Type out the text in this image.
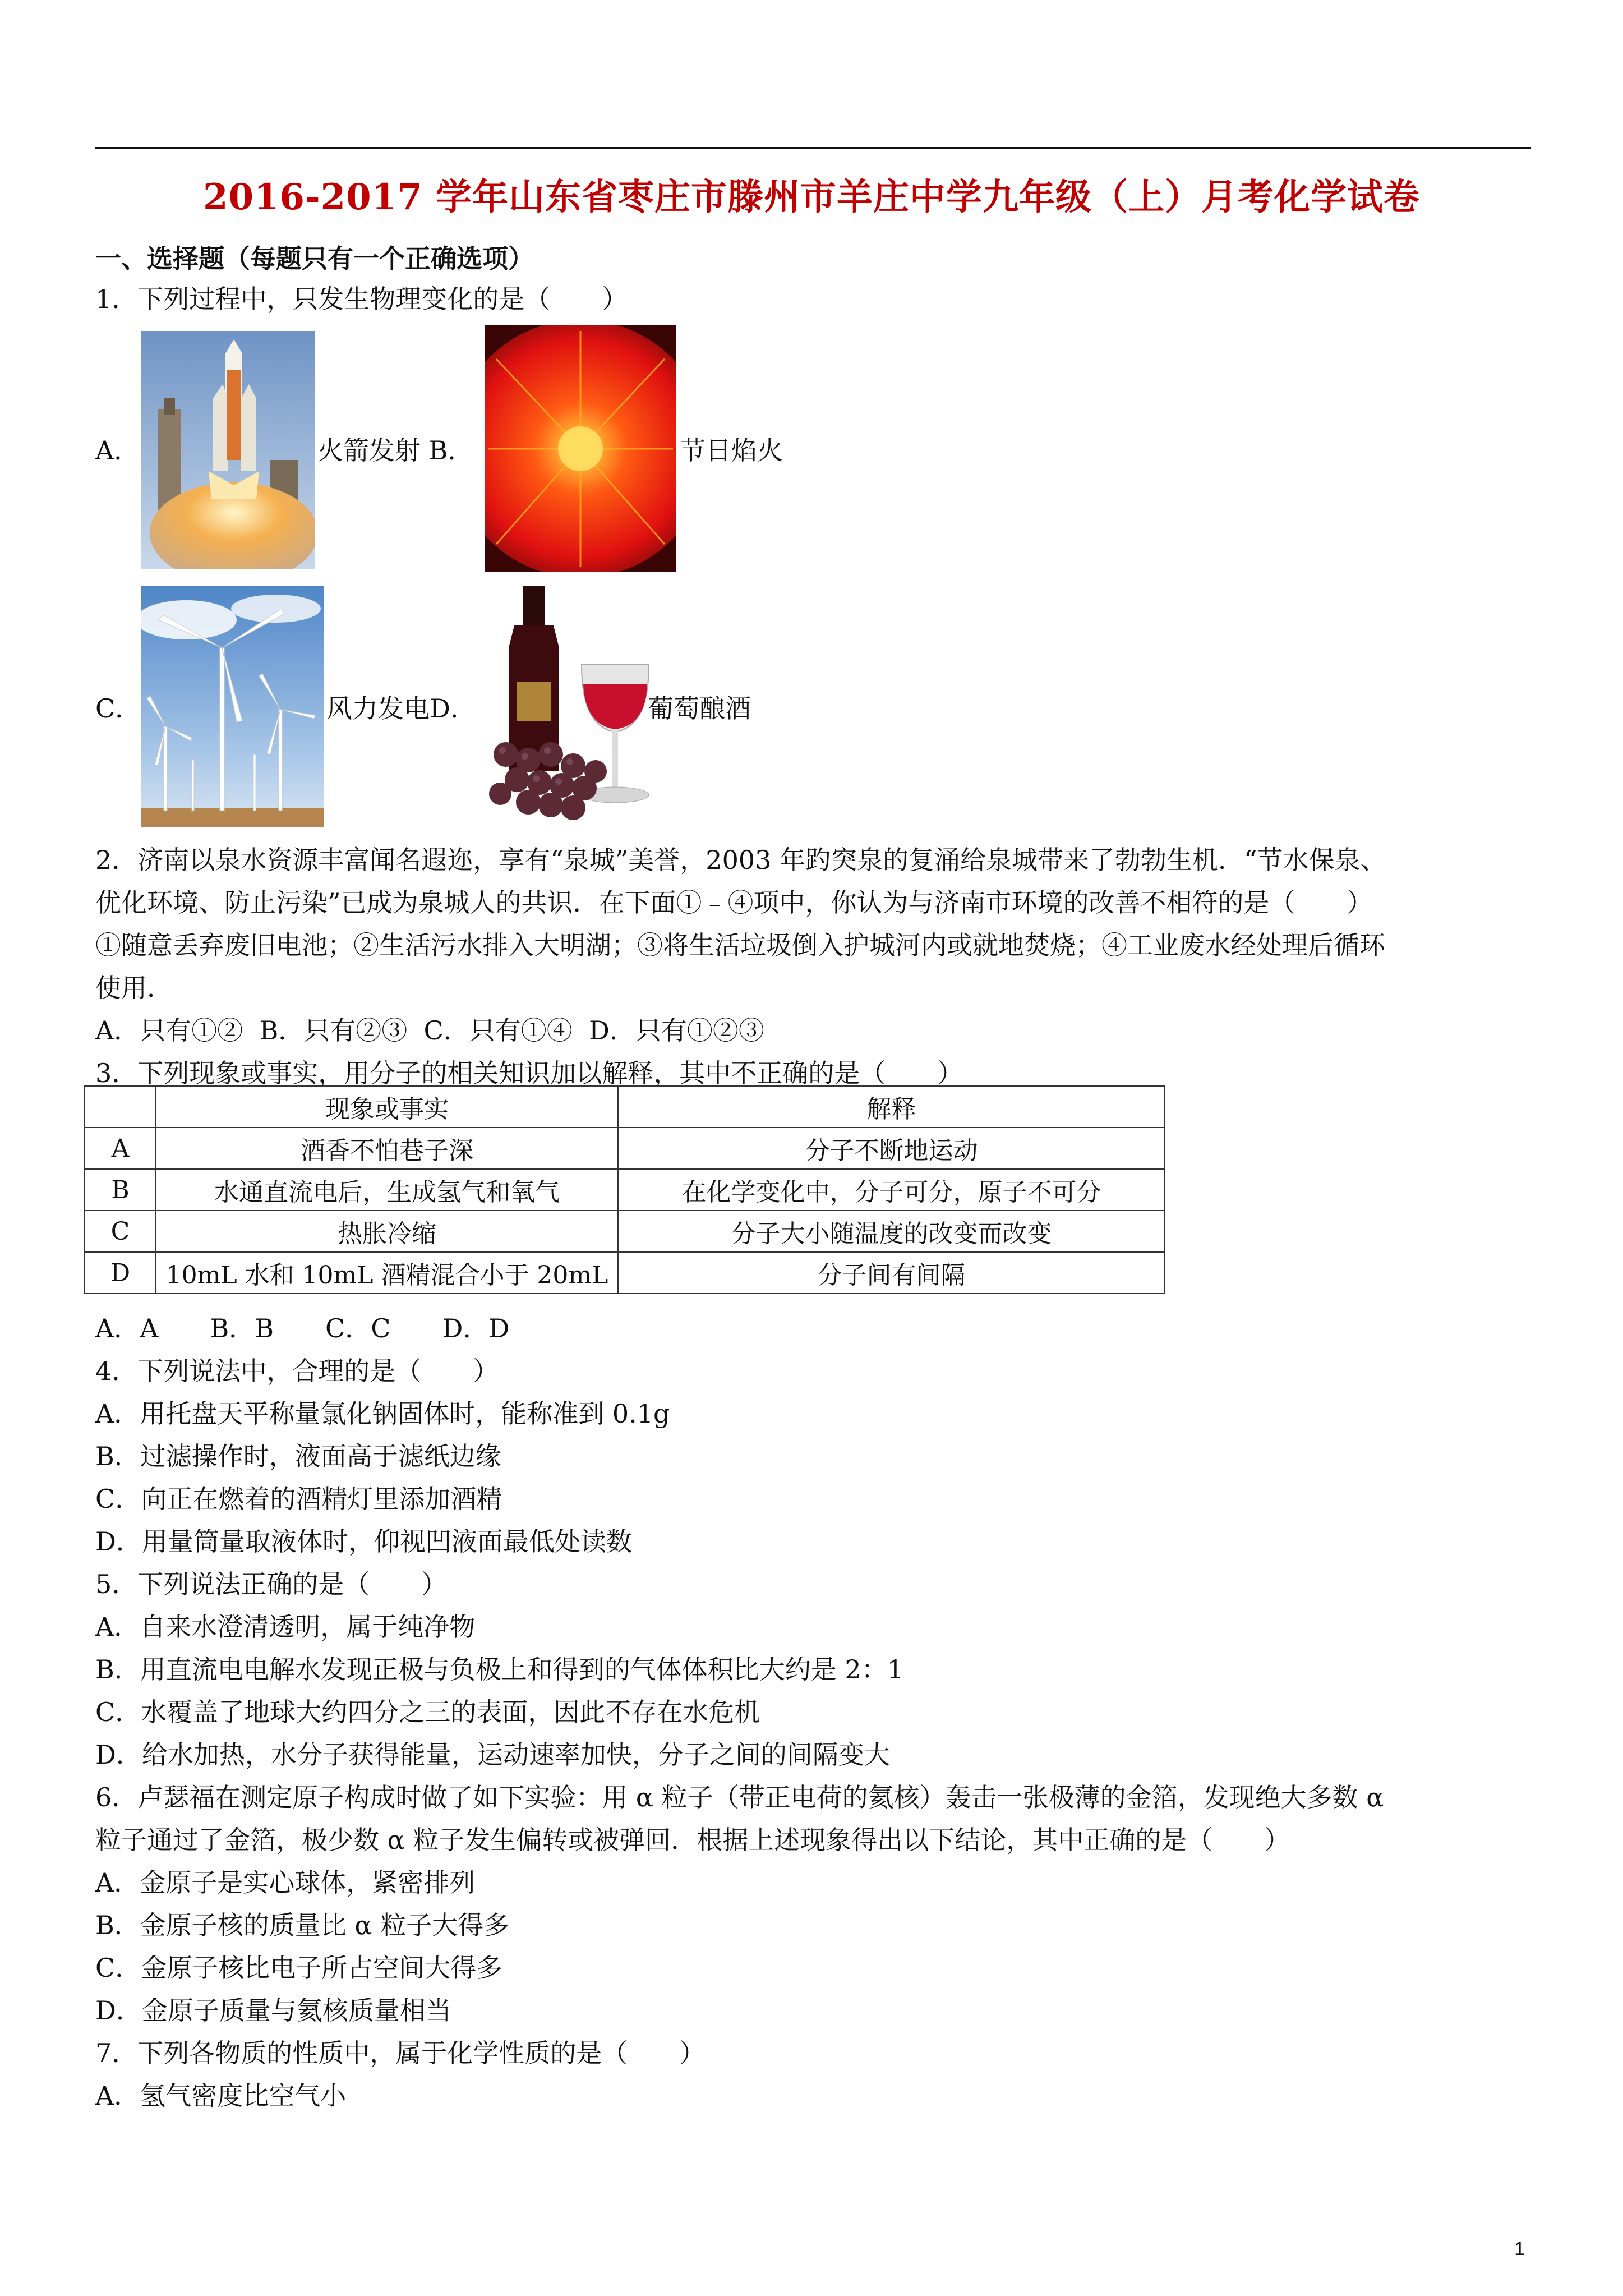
2016-2017 学年山东省枣庄市滕州市羊庄中学九年级（上）月考化学试卷
一、选择题（每题只有一个正确选项）
1．下列过程中，只发生物理变化的是（　　）
A．	火箭发射 B．	节日焰火
C．	风力发电D．	葡萄酿酒
2．济南以泉水资源丰富闻名遐迩，享有“泉城”美誉，2003 年趵突泉的复涌给泉城带来了勃勃生机．“节水保泉、
优化环境、防止污染”已成为泉城人的共识．在下面①﹣④项中，你认为与济南市环境的改善不相符的是（　　）
①随意丢弃废旧电池；②生活污水排入大明湖；③将生活垃圾倒入护城河内或就地焚烧；④工业废水经处理后循环
使用．
A．只有①②  B．只有②③  C．只有①④  D．只有①②③
3．下列现象或事实，用分子的相关知识加以解释，其中不正确的是（　　）
	现象或事实	解释
A	酒香不怕巷子深	分子不断地运动
B	水通直流电后，生成氢气和氧气	在化学变化中，分子可分，原子不可分
C	热胀冷缩	分子大小随温度的改变而改变
D	10mL 水和 10mL 酒精混合小于 20mL	分子间有间隔
A．A　　B．B　　C．C　　D．D
4．下列说法中，合理的是（　　）
A．用托盘天平称量氯化钠固体时，能称准到 0.1g
B．过滤操作时，液面高于滤纸边缘
C．向正在燃着的酒精灯里添加酒精
D．用量筒量取液体时，仰视凹液面最低处读数
5．下列说法正确的是（　　）
A．自来水澄清透明，属于纯净物
B．用直流电电解水发现正极与负极上和得到的气体体积比大约是 2：1
C．水覆盖了地球大约四分之三的表面，因此不存在水危机
D．给水加热，水分子获得能量，运动速率加快，分子之间的间隔变大
6．卢瑟福在测定原子构成时做了如下实验：用 α 粒子（带正电荷的氦核）轰击一张极薄的金箔，发现绝大多数 α
粒子通过了金箔，极少数 α 粒子发生偏转或被弹回．根据上述现象得出以下结论，其中正确的是（　　）
A．金原子是实心球体，紧密排列
B．金原子核的质量比 α 粒子大得多
C．金原子核比电子所占空间大得多
D．金原子质量与氦核质量相当
7．下列各物质的性质中，属于化学性质的是（　　）
A．氢气密度比空气小
1
